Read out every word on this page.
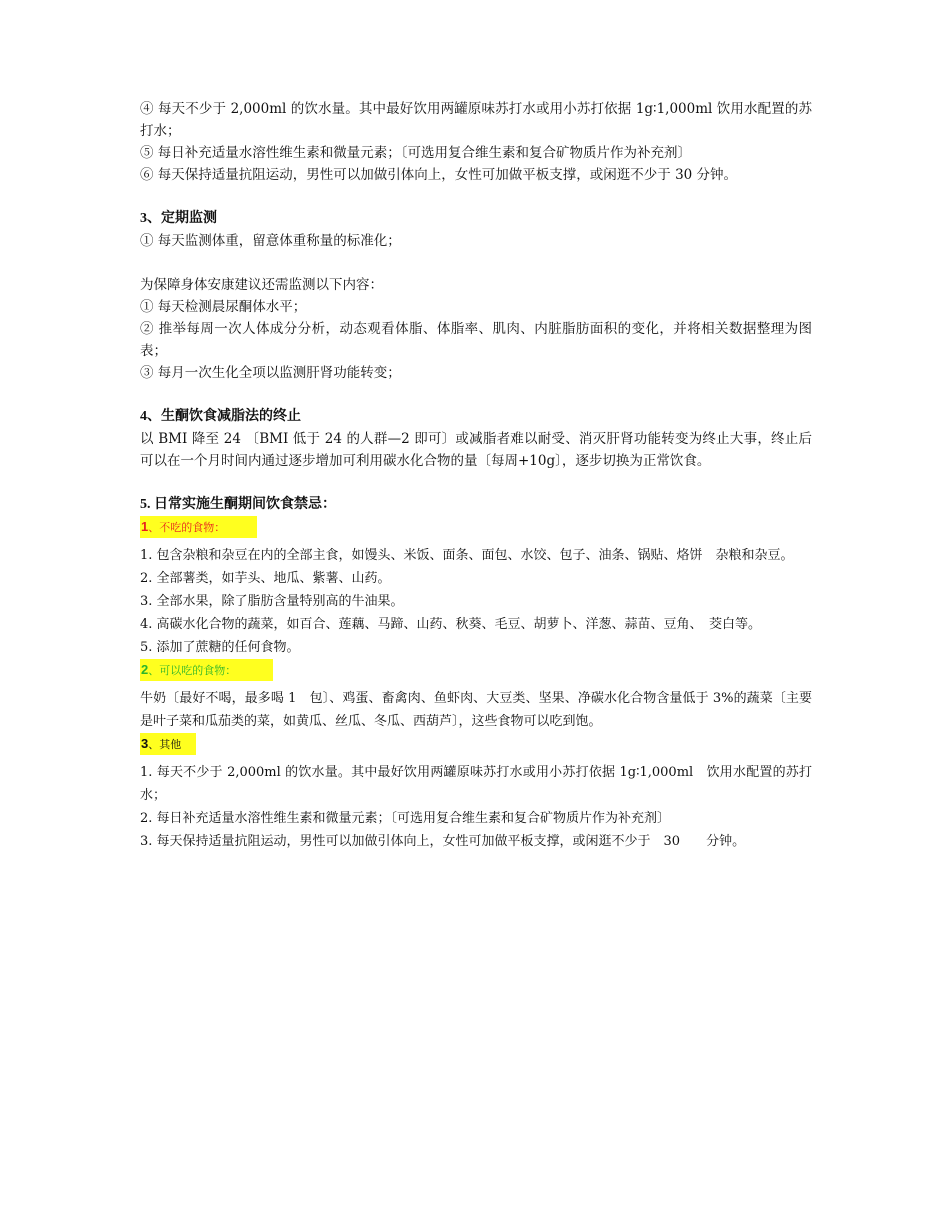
④ 每天不少于 2,000ml 的饮水量。其中最好饮用两罐原味苏打水或用小苏打依据 1g∶1,000ml 饮用水配置的苏打水；

⑤ 每日补充适量水溶性维生素和微量元素；〔可选用复合维生素和复合矿物质片作为补充剂〕

⑥ 每天保持适量抗阻运动，男性可以加做引体向上，女性可加做平板支撑，或闲逛不少于 30 分钟。

3、定期监测

① 每天监测体重，留意体重称量的标准化；

为保障身体安康建议还需监测以下内容：

① 每天检测晨尿酮体水平；

② 推举每周一次人体成分分析，动态观看体脂、体脂率、肌肉、内脏脂肪面积的变化，并将相关数据整理为图表；

③ 每月一次生化全项以监测肝肾功能转变；

4、生酮饮食减脂法的终止

以 BMI 降至 24 〔BMI 低于 24 的人群—2 即可〕或减脂者难以耐受、消灭肝肾功能转变为终止大事，终止后可以在一个月时间内通过逐步增加可利用碳水化合物的量〔每周+10g〕，逐步切换为正常饮食。

5. 日常实施生酮期间饮食禁忌：

1、不吃的食物：

1. 包含杂粮和杂豆在内的全部主食，如馒头、米饭、面条、面包、水饺、包子、油条、锅贴、烙饼　杂粮和杂豆。

2. 全部薯类，如芋头、地瓜、紫薯、山药。

3. 全部水果，除了脂肪含量特别高的牛油果。

4. 高碳水化合物的蔬菜，如百合、莲藕、马蹄、山药、秋葵、毛豆、胡萝卜、洋葱、蒜苗、豆角、　茭白等。

5. 添加了蔗糖的任何食物。

2、可以吃的食物：

牛奶〔最好不喝，最多喝 1　包〕、鸡蛋、畜禽肉、鱼虾肉、大豆类、坚果、净碳水化合物含量低于 3%的蔬菜〔主要是叶子菜和瓜茄类的菜，如黄瓜、丝瓜、冬瓜、西葫芦〕，这些食物可以吃到饱。

3、其他

1. 每天不少于 2,000ml 的饮水量。其中最好饮用两罐原味苏打水或用小苏打依据 1g∶1,000ml　饮用水配置的苏打水；

2. 每日补充适量水溶性维生素和微量元素；〔可选用复合维生素和复合矿物质片作为补充剂〕

3. 每天保持适量抗阻运动，男性可以加做引体向上，女性可加做平板支撑，或闲逛不少于　30　　分钟。
